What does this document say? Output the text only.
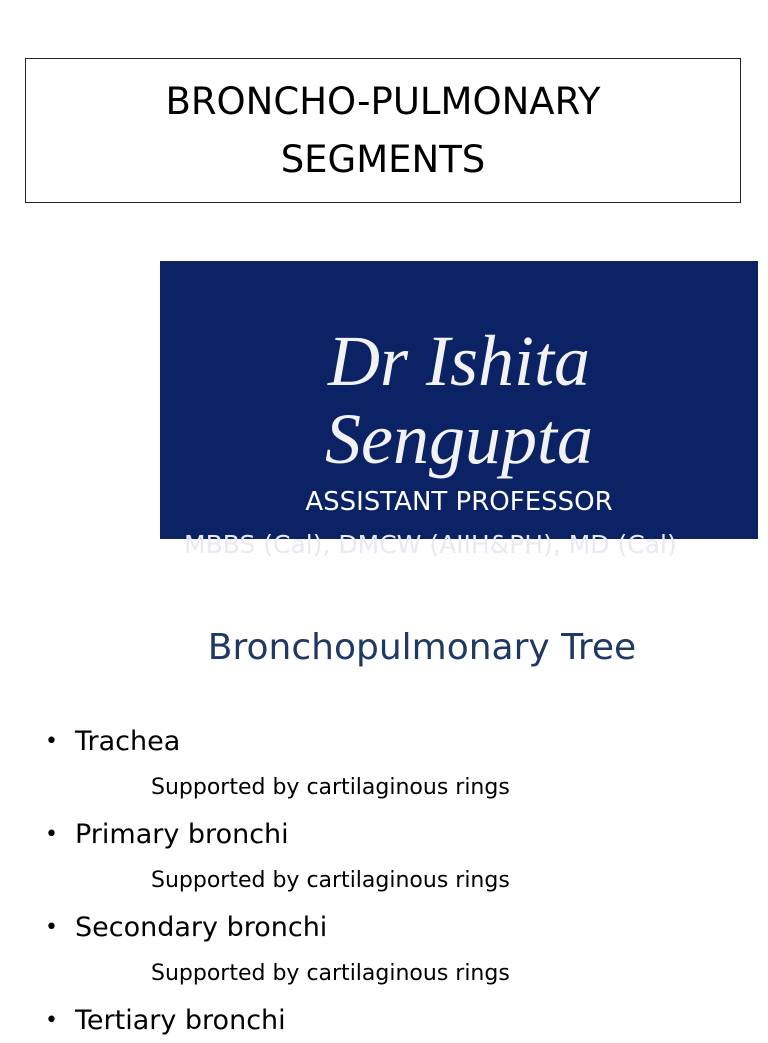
BRONCHO-PULMONARY
SEGMENTS
Dr Ishita
Sengupta
ASSISTANT PROFESSOR
MBBS (Cal), DMCW (AIIH&PH), MD (Cal)
Bronchopulmonary Tree
• Trachea
Supported by cartilaginous rings
• Primary bronchi
Supported by cartilaginous rings
• Secondary bronchi
Supported by cartilaginous rings
• Tertiary bronchi
